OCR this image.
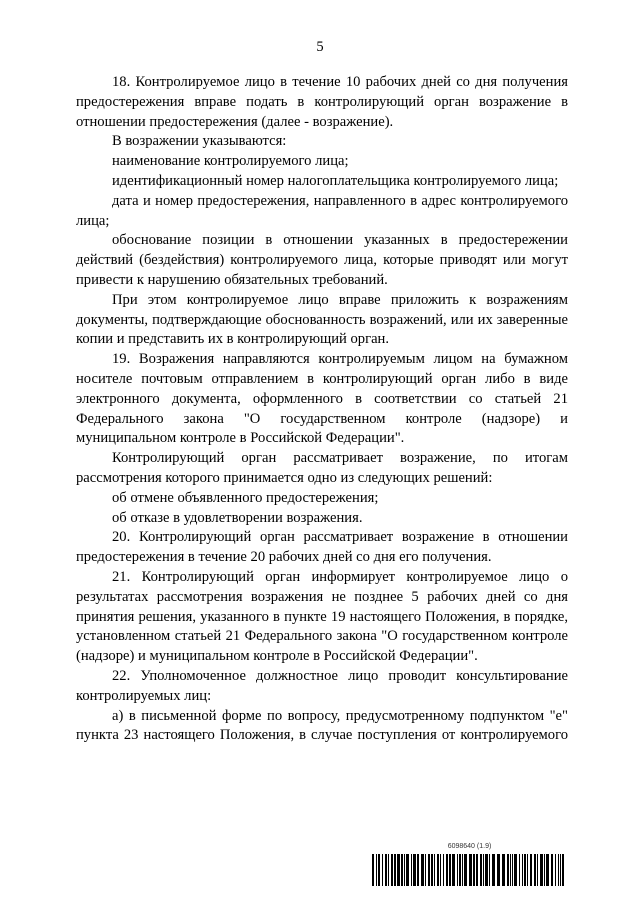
5

18. Контролируемое лицо в течение 10 рабочих дней со дня получения предостережения вправе подать в контролирующий орган возражение в отношении предостережения (далее - возражение).

В возражении указываются:

наименование контролируемого лица;

идентификационный номер налогоплательщика контролируемого лица;

дата и номер предостережения, направленного в адрес контролируемого лица;

обоснование позиции в отношении указанных в предостережении действий (бездействия) контролируемого лица, которые приводят или могут привести к нарушению обязательных требований.

При этом контролируемое лицо вправе приложить к возражениям документы, подтверждающие обоснованность возражений, или их заверенные копии и представить их в контролирующий орган.

19. Возражения направляются контролируемым лицом на бумажном носителе почтовым отправлением в контролирующий орган либо в виде электронного документа, оформленного в соответствии со статьей 21 Федерального закона "О государственном контроле (надзоре) и муниципальном контроле в Российской Федерации".

Контролирующий орган рассматривает возражение, по итогам рассмотрения которого принимается одно из следующих решений:

об отмене объявленного предостережения;

об отказе в удовлетворении возражения.

20. Контролирующий орган рассматривает возражение в отношении предостережения в течение 20 рабочих дней со дня его получения.

21. Контролирующий орган информирует контролируемое лицо о результатах рассмотрения возражения не позднее 5 рабочих дней со дня принятия решения, указанного в пункте 19 настоящего Положения, в порядке, установленном статьей 21 Федерального закона "О государственном контроле (надзоре) и муниципальном контроле в Российской Федерации".

22. Уполномоченное должностное лицо проводит консультирование контролируемых лиц:

а) в письменной форме по вопросу, предусмотренному подпунктом "е" пункта 23 настоящего Положения, в случае поступления от контролируемого

6098640 (1.9)
